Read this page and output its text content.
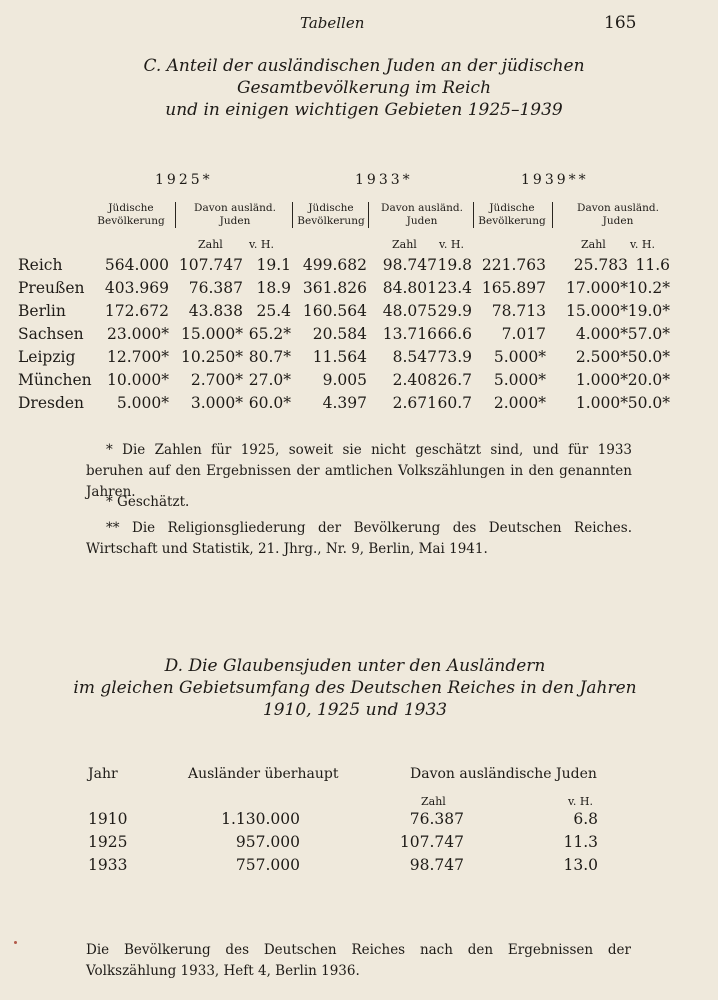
Tabellen	165
C. Anteil der ausländischen Juden an der jüdischen
Gesamtbevölkerung im Reich
und in einigen wichtigen Gebieten 1925–1939
1925*	1933*	1939**
Jüdische
Bevölkerung
Davon ausländ.
Juden
Jüdische
Bevölkerung
Davon ausländ.
Juden
Jüdische
Bevölkerung
Davon ausländ.
Juden
Zahl v. H.	Zahl v. H.	Zahl v. H.
Reich	564.000 107.747 19.1 499.682 98.747 19.8 221.763 25.783 11.6
Preußen 403.969 76.387 18.9 361.826 84.801 23.4 165.897 17.000* 10.2*
Berlin	172.672 43.838 25.4 160.564 48.075 29.9 78.713 15.000* 19.0*
Sachsen 23.000* 15.000* 65.2* 20.584 13.716 66.6 7.017 4.000* 57.0*
Leipzig 12.700* 10.250* 80.7* 11.564 8.547 73.9 5.000* 2.500* 50.0*
München 10.000* 2.700* 27.0* 9.005 2.408 26.7 5.000* 1.000* 20.0*
Dresden 5.000* 3.000* 60.0* 4.397 2.671 60.7 2.000* 1.000* 50.0*
* Die Zahlen für 1925, soweit sie nicht geschätzt sind, und für 1933 beruhen auf den Ergebnissen der amtlichen Volkszählungen in den genannten Jahren.
* Geschätzt.
** Die Religionsgliederung der Bevölkerung des Deutschen Reiches. Wirtschaft und Statistik, 21. Jhrg., Nr. 9, Berlin, Mai 1941.
D. Die Glaubensjuden unter den Ausländern
im gleichen Gebietsumfang des Deutschen Reiches in den Jahren
1910, 1925 und 1933
Jahr	Ausländer überhaupt	Davon ausländische Juden
Zahl	v. H.
1910	1.130.000	76.387	6.8
1925	957.000	107.747	11.3
1933	757.000	98.747	13.0
Die Bevölkerung des Deutschen Reiches nach den Ergebnissen der Volkszählung 1933, Heft 4, Berlin 1936.
